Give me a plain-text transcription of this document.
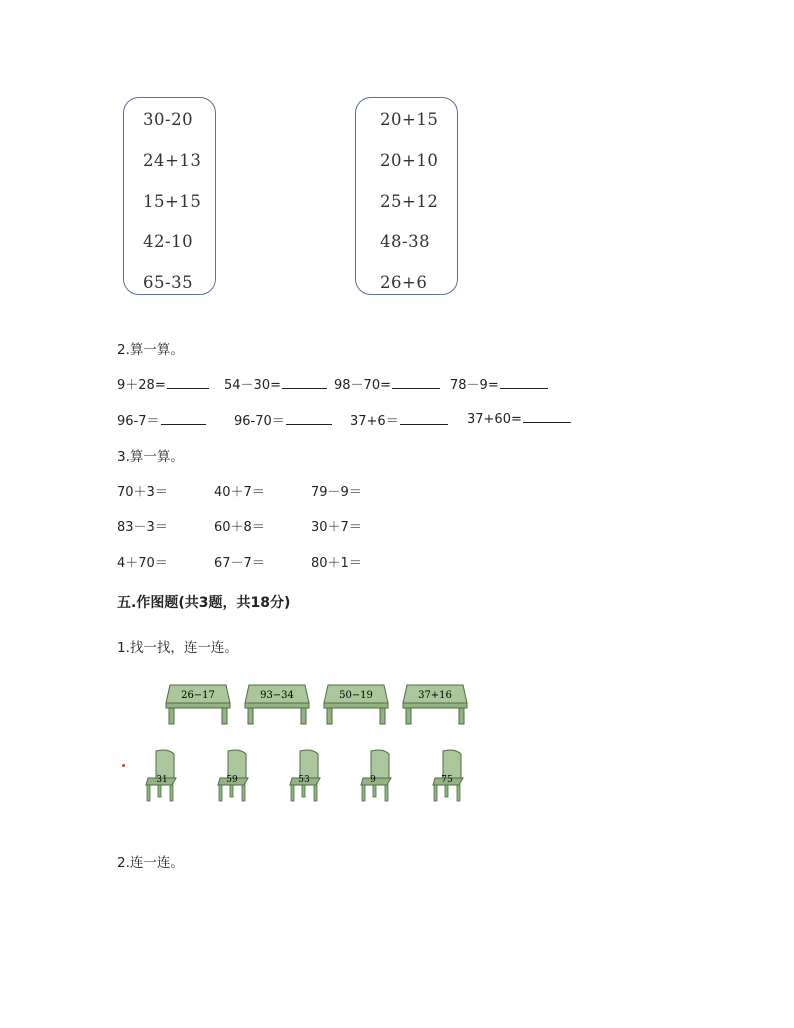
30-20
24+13
15+15
42-10
65-35
20+15
20+10
25+12
48-38
26+6
2.算一算。
9＋28=	54－30=	98－70=	78－9=
96-7＝	96-70＝	37+6＝	37+60=
3.算一算。
70＋3＝	40＋7＝	79－9＝
83－3＝	60＋8＝	30＋7＝
4＋70＝	67－7＝	80＋1＝
五.作图题(共3题，共18分)
1.找一找，连一连。
26−17	93−34	50−19	37+16
31	59	53	9	75
2.连一连。
